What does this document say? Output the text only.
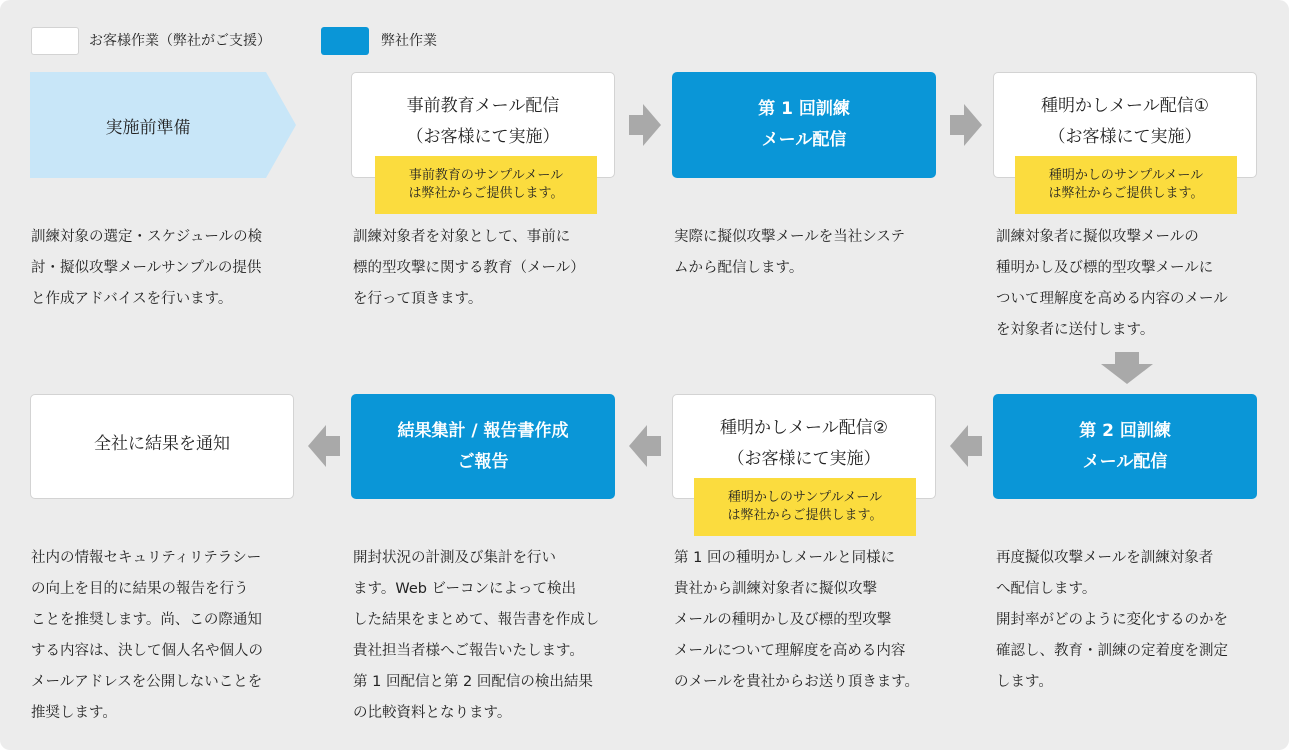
お客様作業（弊社がご支援）	弊社作業
実施前準備
訓練対象の選定・スケジュールの検
討・擬似攻撃メールサンプルの提供
と作成アドバイスを行います。
事前教育メール配信
（お客様にて実施）
事前教育のサンプルメール
は弊社からご提供します。
訓練対象者を対象として、事前に
標的型攻撃に関する教育（メール）
を行って頂きます。
第 1 回訓練
メール配信
実際に擬似攻撃メールを当社システ
ムから配信します。
種明かしメール配信①
（お客様にて実施）
種明かしのサンプルメール
は弊社からご提供します。
訓練対象者に擬似攻撃メールの
種明かし及び標的型攻撃メールに
ついて理解度を高める内容のメール
を対象者に送付します。
第 2 回訓練
メール配信
再度擬似攻撃メールを訓練対象者
へ配信します。
開封率がどのように変化するのかを
確認し、教育・訓練の定着度を測定
します。
種明かしメール配信②
（お客様にて実施）
種明かしのサンプルメール
は弊社からご提供します。
第 1 回の種明かしメールと同様に
貴社から訓練対象者に擬似攻撃
メールの種明かし及び標的型攻撃
メールについて理解度を高める内容
のメールを貴社からお送り頂きます。
結果集計 / 報告書作成
ご報告
開封状況の計測及び集計を行い
ます。Web ビーコンによって検出
した結果をまとめて、報告書を作成し
貴社担当者様へご報告いたします。
第 1 回配信と第 2 回配信の検出結果
の比較資料となります。
全社に結果を通知
社内の情報セキュリティリテラシー
の向上を目的に結果の報告を行う
ことを推奨します。尚、この際通知
する内容は、決して個人名や個人の
メールアドレスを公開しないことを
推奨します。
